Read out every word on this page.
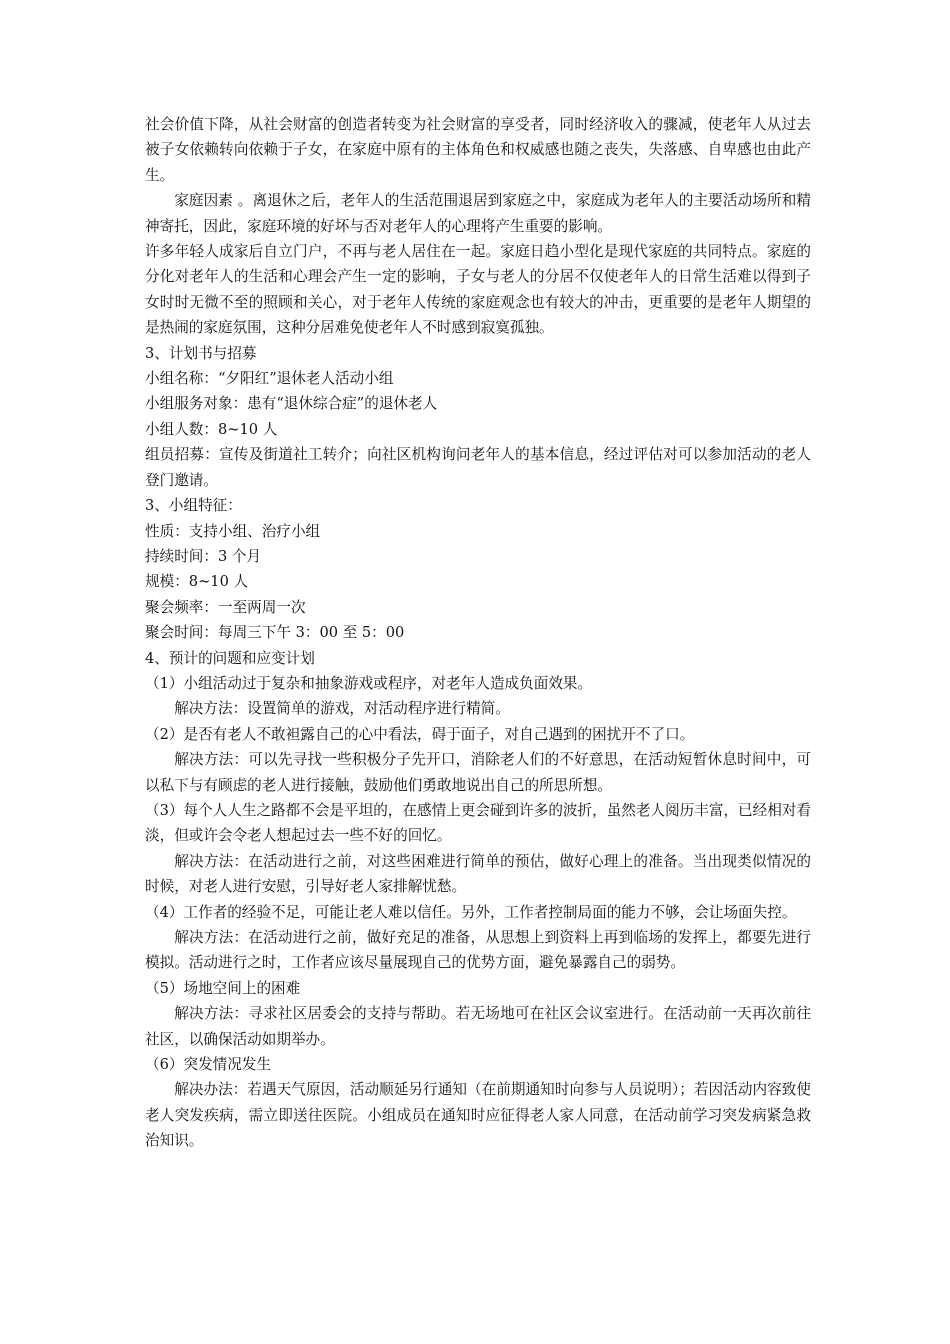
社会价值下降，从社会财富的创造者转变为社会财富的享受者，同时经济收入的骤减，使老年人从过去被子女依赖转向依赖于子女，在家庭中原有的主体角色和权威感也随之丧失，失落感、自卑感也由此产生。

家庭因素 。离退休之后，老年人的生活范围退居到家庭之中，家庭成为老年人的主要活动场所和精神寄托，因此，家庭环境的好坏与否对老年人的心理将产生重要的影响。

许多年轻人成家后自立门户，不再与老人居住在一起。家庭日趋小型化是现代家庭的共同特点。家庭的分化对老年人的生活和心理会产生一定的影响，子女与老人的分居不仅使老年人的日常生活难以得到子女时时无微不至的照顾和关心，对于老年人传统的家庭观念也有较大的冲击，更重要的是老年人期望的是热闹的家庭氛围，这种分居难免使老年人不时感到寂寞孤独。

3、计划书与招募

小组名称：“夕阳红”退休老人活动小组

小组服务对象：患有“退休综合症”的退休老人

小组人数：8~10 人

组员招募：宣传及街道社工转介；向社区机构询问老年人的基本信息，经过评估对可以参加活动的老人登门邀请。

3、小组特征：

性质：支持小组、治疗小组

持续时间：3 个月

规模：8~10 人

聚会频率：一至两周一次

聚会时间：每周三下午 3：00 至 5：00

4、预计的问题和应变计划

（1）小组活动过于复杂和抽象游戏或程序，对老年人造成负面效果。

解决方法：设置简单的游戏，对活动程序进行精简。

（2）是否有老人不敢袒露自己的心中看法，碍于面子，对自己遇到的困扰开不了口。

解决方法：可以先寻找一些积极分子先开口，消除老人们的不好意思，在活动短暂休息时间中，可以私下与有顾虑的老人进行接触，鼓励他们勇敢地说出自己的所思所想。

（3）每个人人生之路都不会是平坦的，在感情上更会碰到许多的波折，虽然老人阅历丰富，已经相对看淡，但或许会令老人想起过去一些不好的回忆。

解决方法：在活动进行之前，对这些困难进行简单的预估，做好心理上的准备。当出现类似情况的时候，对老人进行安慰，引导好老人家排解忧愁。

（4）工作者的经验不足，可能让老人难以信任。另外，工作者控制局面的能力不够，会让场面失控。

解决方法：在活动进行之前，做好充足的准备，从思想上到资料上再到临场的发挥上，都要先进行模拟。活动进行之时，工作者应该尽量展现自己的优势方面，避免暴露自己的弱势。

（5）场地空间上的困难

解决方法：寻求社区居委会的支持与帮助。若无场地可在社区会议室进行。在活动前一天再次前往社区，以确保活动如期举办。

（6）突发情况发生

解决办法：若遇天气原因，活动顺延另行通知（在前期通知时向参与人员说明）；若因活动内容致使老人突发疾病，需立即送往医院。小组成员在通知时应征得老人家人同意，在活动前学习突发病紧急救治知识。
